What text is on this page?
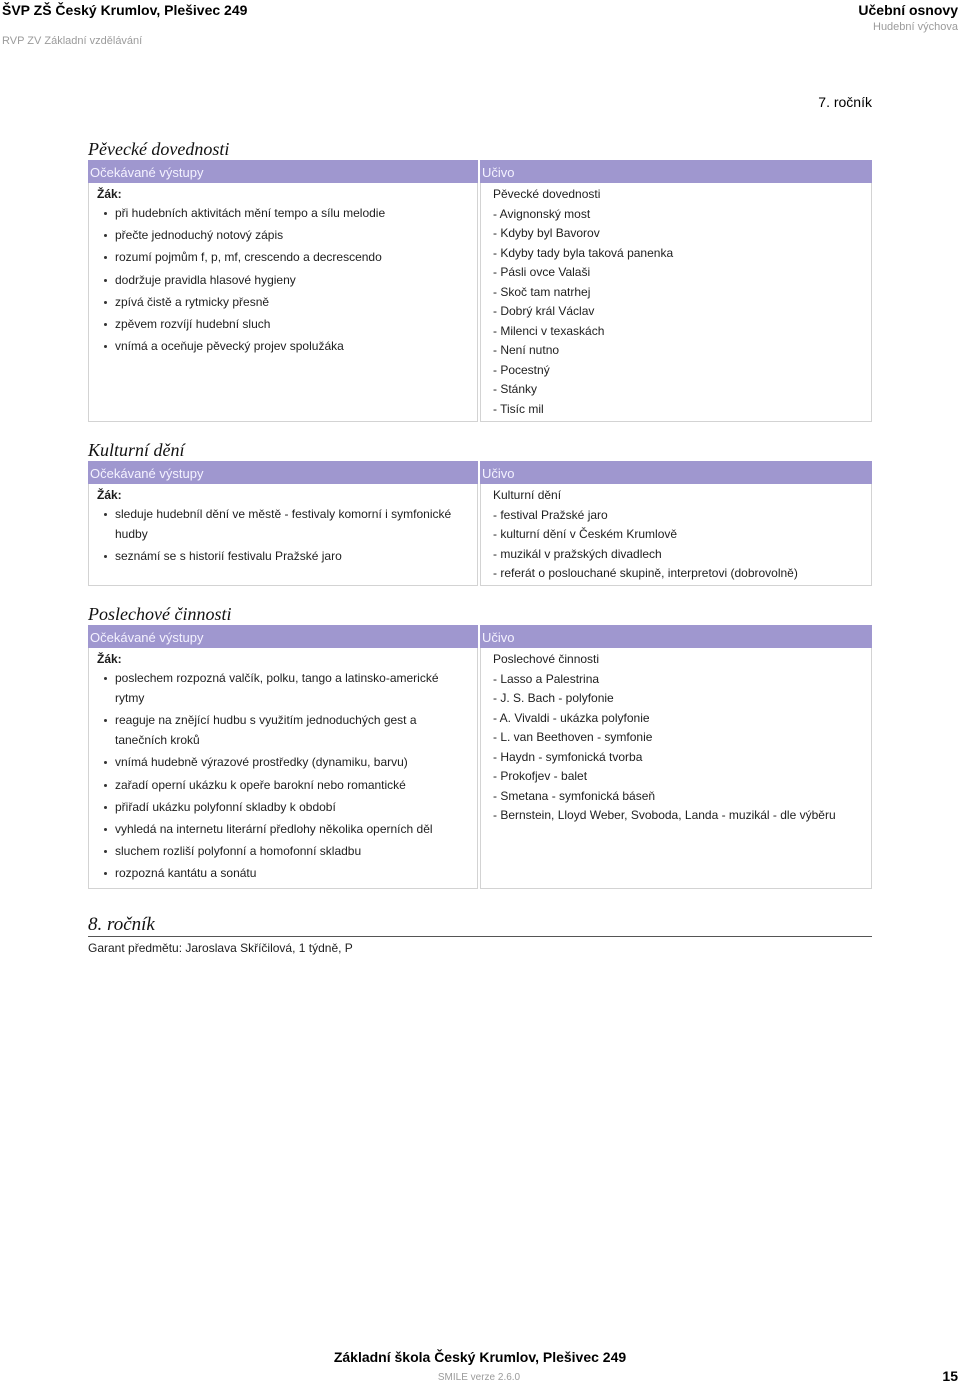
ŠVP ZŠ Český Krumlov, Plešivec 249
RVP ZV Základní vzdělávání
Učební osnovy
Hudební výchova
7. ročník
Pěvecké dovednosti
Očekávané výstupy
Žák:
při hudebních aktivitách mění tempo a sílu melodie
přečte jednoduchý notový zápis
rozumí pojmům f, p, mf, crescendo a decrescendo
dodržuje pravidla hlasové hygieny
zpívá čistě a rytmicky přesně
zpěvem rozvíjí hudební sluch
vnímá a oceňuje pěvecký projev spolužáka
Učivo
Pěvecké dovednosti
- Avignonský most
- Kdyby byl Bavorov
- Kdyby tady byla taková panenka
- Pásli ovce Valaši
- Skoč tam natrhej
- Dobrý král Václav
- Milenci v texaskách
- Není nutno
- Pocestný
- Stánky
- Tisíc mil
Kulturní dění
Očekávané výstupy
Žák:
sleduje hudebníl dění ve městě - festivaly komorní i symfonické hudby
seznámí se s historií festivalu Pražské jaro
Učivo
Kulturní dění
- festival Pražské jaro
- kulturní dění v Českém Krumlově
- muzikál v pražských divadlech
- referát o poslouchané skupině, interpretovi (dobrovolně)
Poslechové činnosti
Očekávané výstupy
Žák:
poslechem rozpozná valčík, polku, tango a latinsko-americké rytmy
reaguje na znějící hudbu s využitím jednoduchých gest a tanečních kroků
vnímá hudebně výrazové prostředky (dynamiku, barvu)
zařadí operní ukázku k opeře barokní nebo romantické
přiřadí ukázku polyfonní skladby k období
vyhledá na internetu literární předlohy několika operních děl
sluchem rozliší polyfonní a homofonní skladbu
rozpozná kantátu a sonátu
Učivo
Poslechové činnosti
- Lasso a Palestrina
- J. S. Bach - polyfonie
- A. Vivaldi - ukázka polyfonie
- L. van Beethoven - symfonie
- Haydn - symfonická tvorba
- Prokofjev - balet
- Smetana - symfonická báseň
- Bernstein, Lloyd Weber, Svoboda, Landa - muzikál - dle výběru
8. ročník
Garant předmětu: Jaroslava Skříčilová, 1 týdně, P
Základní škola Český Krumlov, Plešivec 249
SMILE verze 2.6.0	15
